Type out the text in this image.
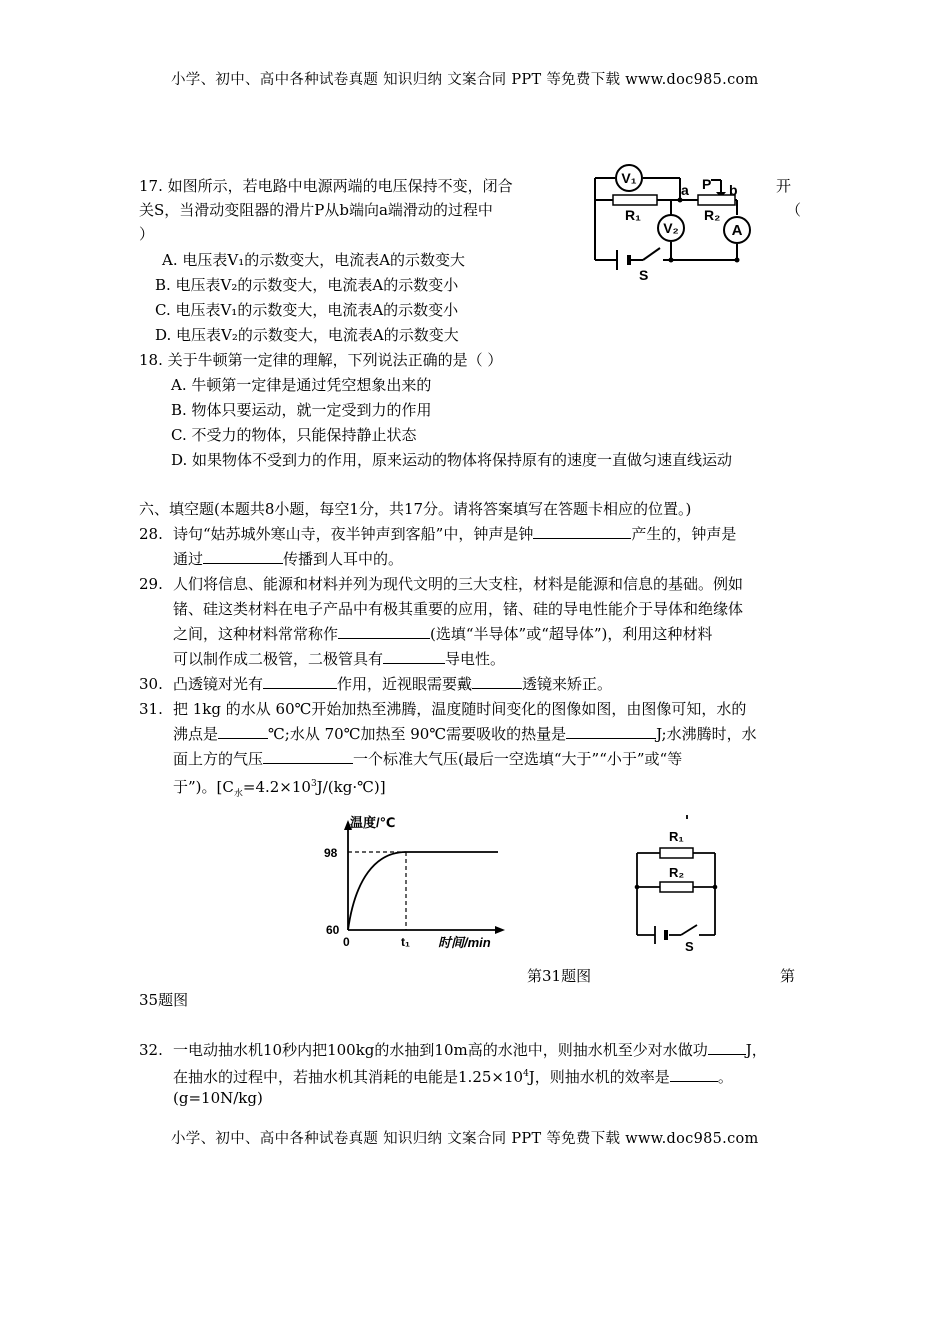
小学、初中、高中各种试卷真题 知识归纳 文案合同 PPT 等免费下载 www.doc985.com
17. 如图所示，若电路中电源两端的电压保持不变，闭合	开
关S，当滑动变阻器的滑片P从b端向a端滑动的过程中	（
）
A. 电压表V₁的示数变大，电流表A的示数变大
B. 电压表V₂的示数变大，电流表A的示数变小
C. 电压表V₁的示数变大，电流表A的示数变小
D. 电压表V₂的示数变大，电流表A的示数变大
V₁
V₂	A
R₁	R₂
a P b
S
18. 关于牛顿第一定律的理解，下列说法正确的是（ ）
A. 牛顿第一定律是通过凭空想象出来的
B. 物体只要运动，就一定受到力的作用
C. 不受力的物体，只能保持静止状态
D. 如果物体不受到力的作用，原来运动的物体将保持原有的速度一直做匀速直线运动
六、填空题(本题共8小题，每空1分，共17分。请将答案填写在答题卡相应的位置。)
28. 诗句“姑苏城外寒山寺，夜半钟声到客船”中，钟声是钟	产生的，钟声是
通过	传播到人耳中的。
29. 人们将信息、能源和材料并列为现代文明的三大支柱，材料是能源和信息的基础。例如
锗、硅这类材料在电子产品中有极其重要的应用，锗、硅的导电性能介于导体和绝缘体
之间，这种材料常常称作	(选填“半导体”或“超导体”)，利用这种材料
可以制作成二极管，二极管具有	导电性。
30. 凸透镜对光有	作用，近视眼需要戴	透镜来矫正。
31. 把 1kg 的水从 60℃开始加热至沸腾，温度随时间变化的图像如图，由图像可知，水的
沸点是	℃;水从 70℃加热至 90℃需要吸收的热量是	J;水沸腾时，水
面上方的气压	一个标准大气压(最后一空选填“大于”“小于”或“等
于”)。$[C_水=4.2\times 10^3J/(kg\cdot℃)]$
温度/℃
98
60
0	t₁ 时间/min
R₁
R₂
S
第31题图	第
35题图
32. 一电动抽水机10秒内把100kg的水抽到10m高的水池中，则抽水机至少对水做功	J，
在抽水的过程中，若抽水机其消耗的电能是$1.25\times 10^4J$，则抽水机的效率是	。
(g=10N/kg)
小学、初中、高中各种试卷真题 知识归纳 文案合同 PPT 等免费下载 www.doc985.com
